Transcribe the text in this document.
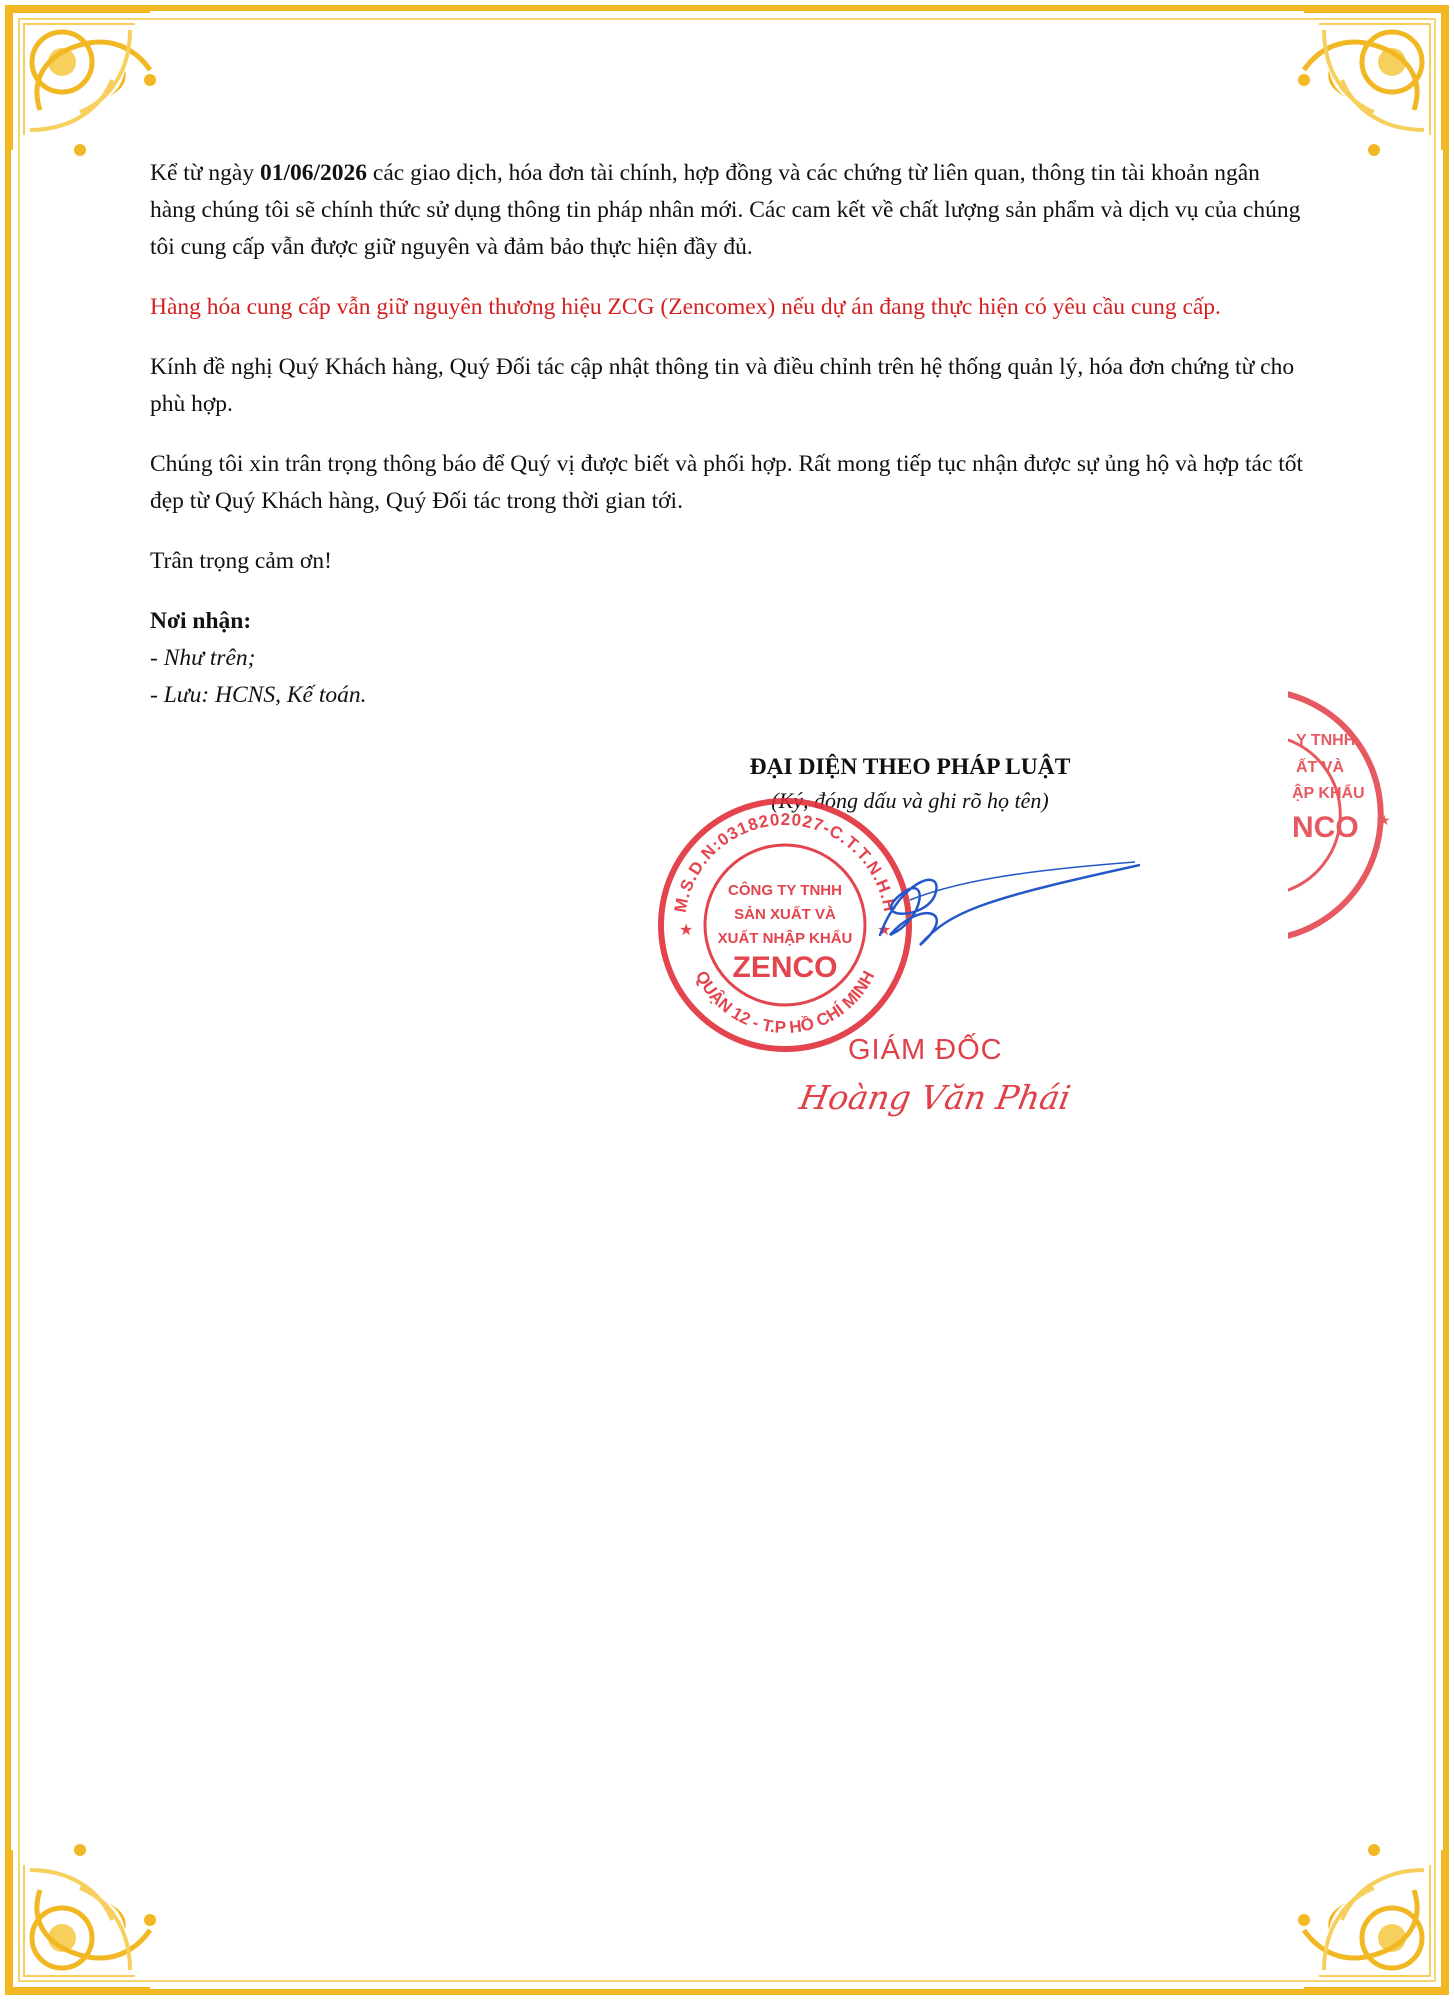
Kể từ ngày 01/06/2026 các giao dịch, hóa đơn tài chính, hợp đồng và các chứng từ liên quan, thông tin tài khoản ngân hàng chúng tôi sẽ chính thức sử dụng thông tin pháp nhân mới. Các cam kết về chất lượng sản phẩm và dịch vụ của chúng tôi cung cấp vẫn được giữ nguyên và đảm bảo thực hiện đầy đủ.

Hàng hóa cung cấp vẫn giữ nguyên thương hiệu ZCG (Zencomex) nếu dự án đang thực hiện có yêu cầu cung cấp.

Kính đề nghị Quý Khách hàng, Quý Đối tác cập nhật thông tin và điều chỉnh trên hệ thống quản lý, hóa đơn chứng từ cho phù hợp.

Chúng tôi xin trân trọng thông báo để Quý vị được biết và phối hợp. Rất mong tiếp tục nhận được sự ủng hộ và hợp tác tốt đẹp từ Quý Khách hàng, Quý Đối tác trong thời gian tới.

Trân trọng cảm ơn!

Nơi nhận:
- Như trên;
- Lưu: HCNS, Kế toán.
ĐẠI DIỆN THEO PHÁP LUẬT
(Ký, đóng dấu và ghi rõ họ tên)
M.S.D.N:0318202027-C.T.T.N.H.H
QUẬN 12 - T.P HỒ CHÍ MINH
CÔNG TY TNHH
SẢN XUẤT VÀ
XUẤT NHẬP KHẨU
ZENCO
★	★
Y TNHH
ẤT VÀ
ẬP KHẨU
NCO ★
GIÁM ĐỐC
Hoàng Văn Phái
